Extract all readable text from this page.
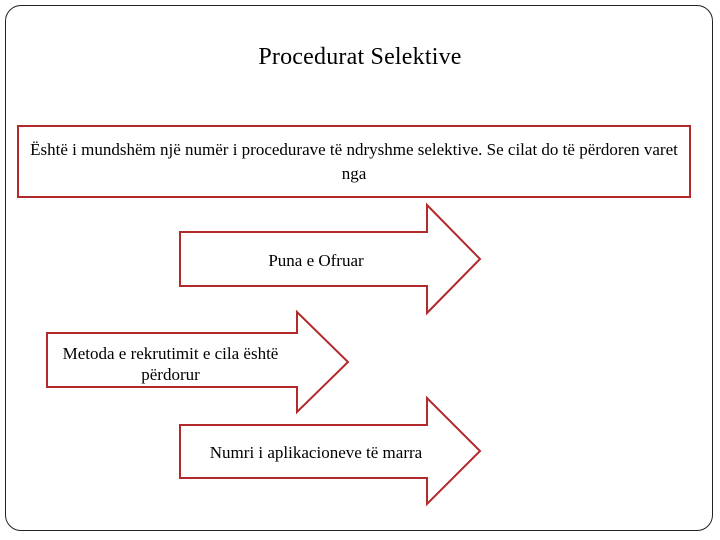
Procedurat Selektive
Është i mundshëm një numër i procedurave të ndryshme selektive. Se cilat do të përdoren varet nga
Puna e Ofruar
Metoda e rekrutimit e cila është përdorur
Numri i aplikacioneve të marra
